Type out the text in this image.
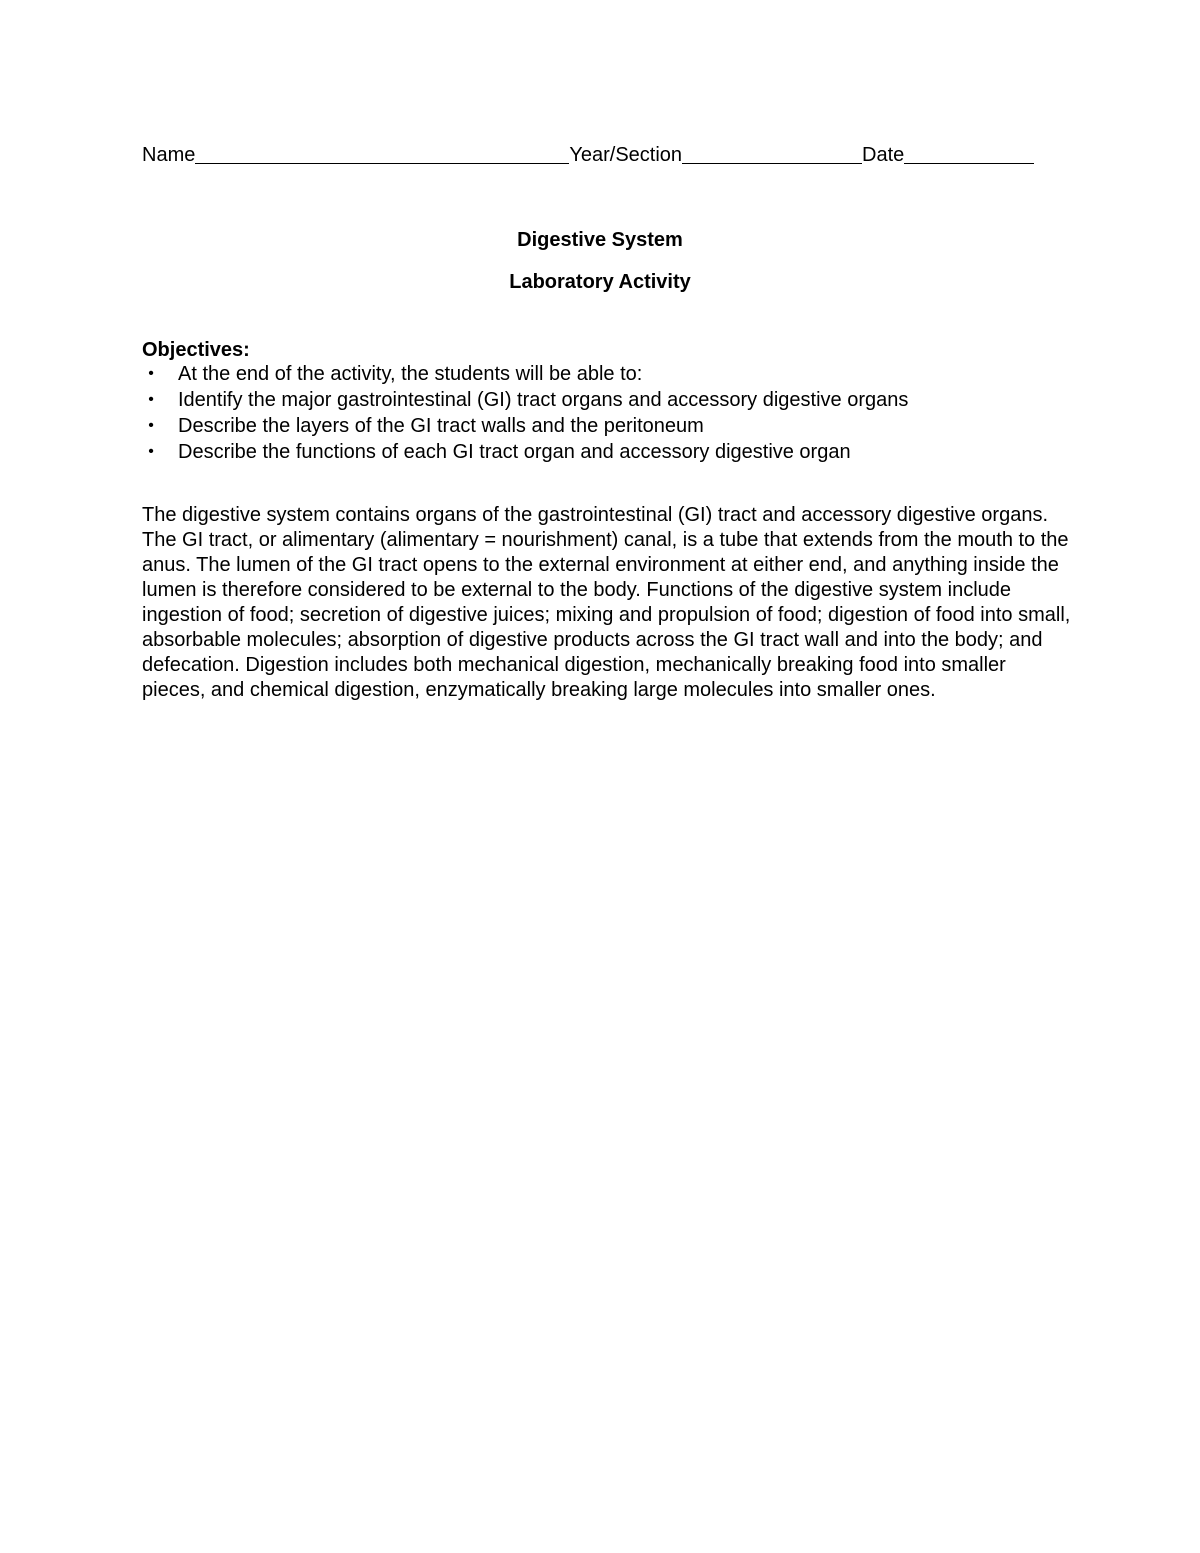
Name	Year/Section	Date
Digestive System
Laboratory Activity
Objectives:
• At the end of the activity, the students will be able to:
• Identify the major gastrointestinal (GI) tract organs and accessory digestive organs
• Describe the layers of the GI tract walls and the peritoneum
• Describe the functions of each GI tract organ and accessory digestive organ

The digestive system contains organs of the gastrointestinal (GI) tract and accessory digestive organs. The GI tract, or alimentary (alimentary = nourishment) canal, is a tube that extends from the mouth to the anus. The lumen of the GI tract opens to the external environment at either end, and anything inside the lumen is therefore considered to be external to the body. Functions of the digestive system include ingestion of food; secretion of digestive juices; mixing and propulsion of food; digestion of food into small, absorbable molecules; absorption of digestive products across the GI tract wall and into the body; and defecation. Digestion includes both mechanical digestion, mechanically breaking food into smaller pieces, and chemical digestion, enzymatically breaking large molecules into smaller ones.
